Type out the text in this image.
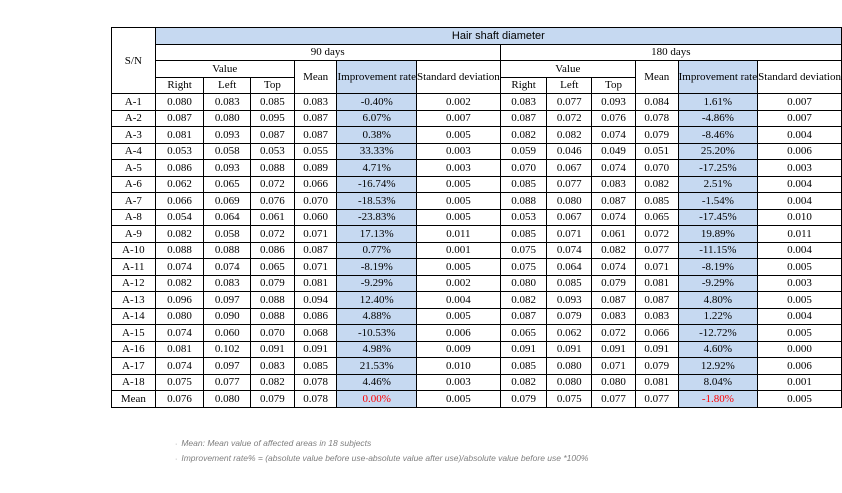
S/N	Hair shaft diameter											
	90 days						180 days					
	Value			Mean	Improvement rate	Standard deviation	Value			Mean	Improvement rate	Standard deviation
	Right	Left	Top				Right	Left	Top			
A-1	0.080	0.083	0.085	0.083	-0.40%	0.002	0.083	0.077	0.093	0.084	1.61%	0.007
A-2	0.087	0.080	0.095	0.087	6.07%	0.007	0.087	0.072	0.076	0.078	-4.86%	0.007
A-3	0.081	0.093	0.087	0.087	0.38%	0.005	0.082	0.082	0.074	0.079	-8.46%	0.004
A-4	0.053	0.058	0.053	0.055	33.33%	0.003	0.059	0.046	0.049	0.051	25.20%	0.006
A-5	0.086	0.093	0.088	0.089	4.71%	0.003	0.070	0.067	0.074	0.070	-17.25%	0.003
A-6	0.062	0.065	0.072	0.066	-16.74%	0.005	0.085	0.077	0.083	0.082	2.51%	0.004
A-7	0.066	0.069	0.076	0.070	-18.53%	0.005	0.088	0.080	0.087	0.085	-1.54%	0.004
A-8	0.054	0.064	0.061	0.060	-23.83%	0.005	0.053	0.067	0.074	0.065	-17.45%	0.010
A-9	0.082	0.058	0.072	0.071	17.13%	0.011	0.085	0.071	0.061	0.072	19.89%	0.011
A-10	0.088	0.088	0.086	0.087	0.77%	0.001	0.075	0.074	0.082	0.077	-11.15%	0.004
A-11	0.074	0.074	0.065	0.071	-8.19%	0.005	0.075	0.064	0.074	0.071	-8.19%	0.005
A-12	0.082	0.083	0.079	0.081	-9.29%	0.002	0.080	0.085	0.079	0.081	-9.29%	0.003
A-13	0.096	0.097	0.088	0.094	12.40%	0.004	0.082	0.093	0.087	0.087	4.80%	0.005
A-14	0.080	0.090	0.088	0.086	4.88%	0.005	0.087	0.079	0.083	0.083	1.22%	0.004
A-15	0.074	0.060	0.070	0.068	-10.53%	0.006	0.065	0.062	0.072	0.066	-12.72%	0.005
A-16	0.081	0.102	0.091	0.091	4.98%	0.009	0.091	0.091	0.091	0.091	4.60%	0.000
A-17	0.074	0.097	0.083	0.085	21.53%	0.010	0.085	0.080	0.071	0.079	12.92%	0.006
A-18	0.075	0.077	0.082	0.078	4.46%	0.003	0.082	0.080	0.080	0.081	8.04%	0.001
Mean	0.076	0.080	0.079	0.078	0.00%	0.005	0.079	0.075	0.077	0.077	-1.80%	0.005
· Mean: Mean value of affected areas in 18 subjects
· Improvement rate% = (absolute value before use-absolute value after use)/absolute value before use *100%
